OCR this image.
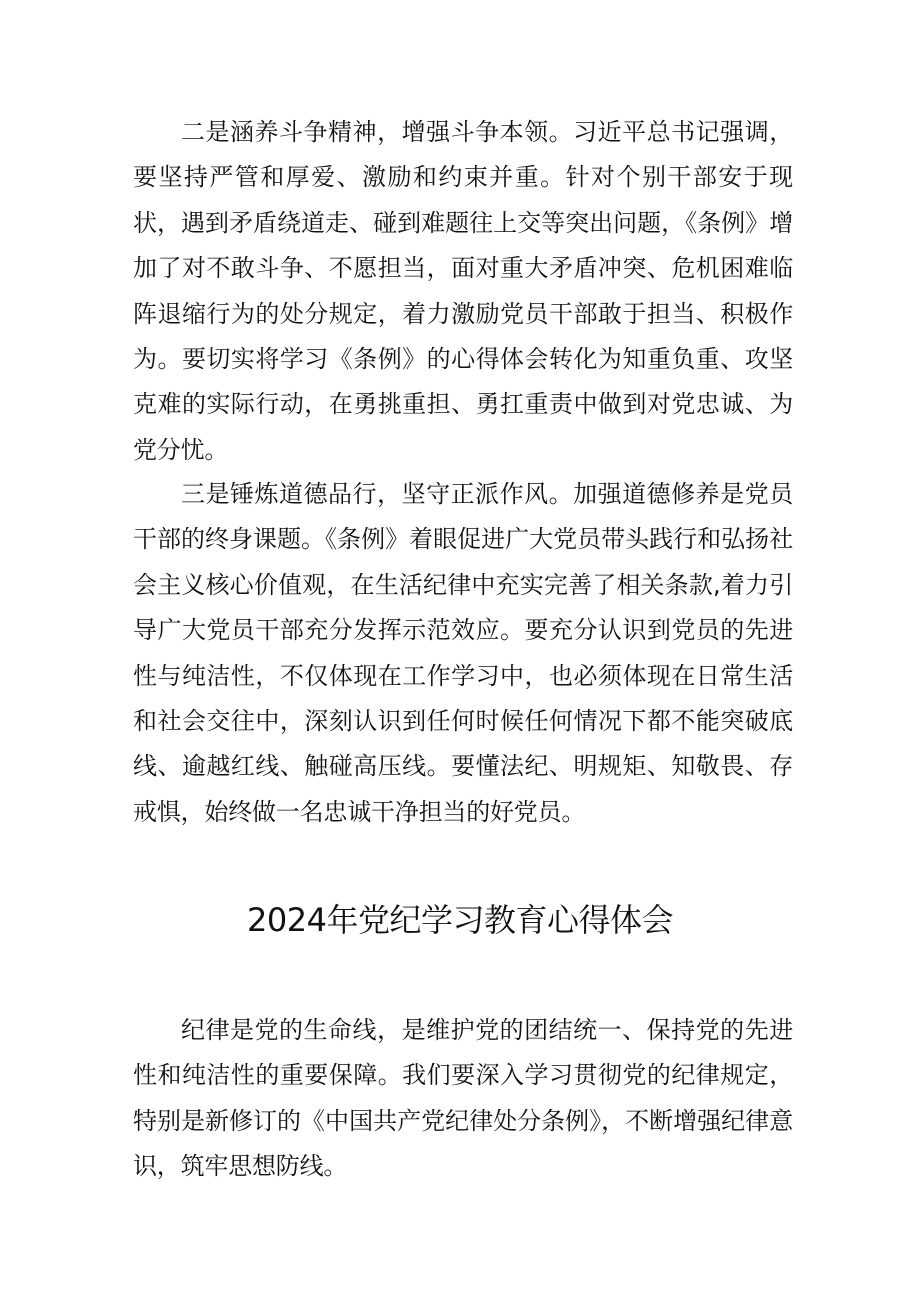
二是涵养斗争精神，增强斗争本领。习近平总书记强调，要坚持严管和厚爱、激励和约束并重。针对个别干部安于现状，遇到矛盾绕道走、碰到难题往上交等突出问题，《条例》增加了对不敢斗争、不愿担当，面对重大矛盾冲突、危机困难临阵退缩行为的处分规定，着力激励党员干部敢于担当、积极作为。要切实将学习《条例》的心得体会转化为知重负重、攻坚克难的实际行动，在勇挑重担、勇扛重责中做到对党忠诚、为党分忧。

三是锤炼道德品行，坚守正派作风。加强道德修养是党员干部的终身课题。《条例》着眼促进广大党员带头践行和弘扬社会主义核心价值观，在生活纪律中充实完善了相关条款,着力引导广大党员干部充分发挥示范效应。要充分认识到党员的先进性与纯洁性，不仅体现在工作学习中，也必须体现在日常生活和社会交往中，深刻认识到任何时候任何情况下都不能突破底线、逾越红线、触碰高压线。要懂法纪、明规矩、知敬畏、存戒惧，始终做一名忠诚干净担当的好党员。

2024年党纪学习教育心得体会

纪律是党的生命线，是维护党的团结统一、保持党的先进性和纯洁性的重要保障。我们要深入学习贯彻党的纪律规定，特别是新修订的《中国共产党纪律处分条例》，不断增强纪律意识，筑牢思想防线。
